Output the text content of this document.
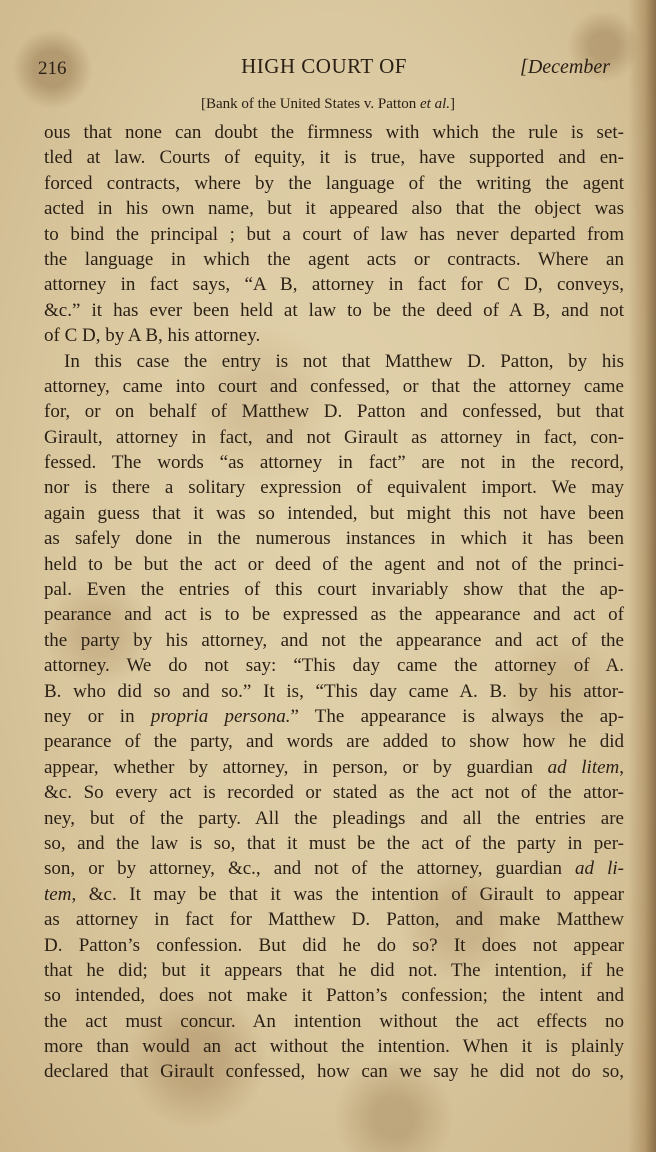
216	HIGH COURT OF	[December
[Bank of the United States v. Patton et al.]
ous that none can doubt the firmness with which the rule is set-
tled at law. Courts of equity, it is true, have supported and en-
forced contracts, where by the language of the writing the agent
acted in his own name, but it appeared also that the object was
to bind the principal ; but a court of law has never departed from
the language in which the agent acts or contracts. Where an
attorney in fact says, “A B, attorney in fact for C D, conveys,
&c.” it has ever been held at law to be the deed of A B, and not
of C D, by A B, his attorney.
In this case the entry is not that Matthew D. Patton, by his
attorney, came into court and confessed, or that the attorney came
for, or on behalf of Matthew D. Patton and confessed, but that
Girault, attorney in fact, and not Girault as attorney in fact, con-
fessed. The words “as attorney in fact” are not in the record,
nor is there a solitary expression of equivalent import. We may
again guess that it was so intended, but might this not have been
as safely done in the numerous instances in which it has been
held to be but the act or deed of the agent and not of the princi-
pal. Even the entries of this court invariably show that the ap-
pearance and act is to be expressed as the appearance and act of
the party by his attorney, and not the appearance and act of the
attorney. We do not say: “This day came the attorney of A.
B. who did so and so.” It is, “This day came A. B. by his attor-
ney or in propria persona.” The appearance is always the ap-
pearance of the party, and words are added to show how he did
appear, whether by attorney, in person, or by guardian ad litem,
&c. So every act is recorded or stated as the act not of the attor-
ney, but of the party. All the pleadings and all the entries are
so, and the law is so, that it must be the act of the party in per-
son, or by attorney, &c., and not of the attorney, guardian ad li-
tem, &c. It may be that it was the intention of Girault to appear
as attorney in fact for Matthew D. Patton, and make Matthew
D. Patton’s confession. But did he do so? It does not appear
that he did; but it appears that he did not. The intention, if he
so intended, does not make it Patton’s confession; the intent and
the act must concur. An intention without the act effects no
more than would an act without the intention. When it is plainly
declared that Girault confessed, how can we say he did not do so,
